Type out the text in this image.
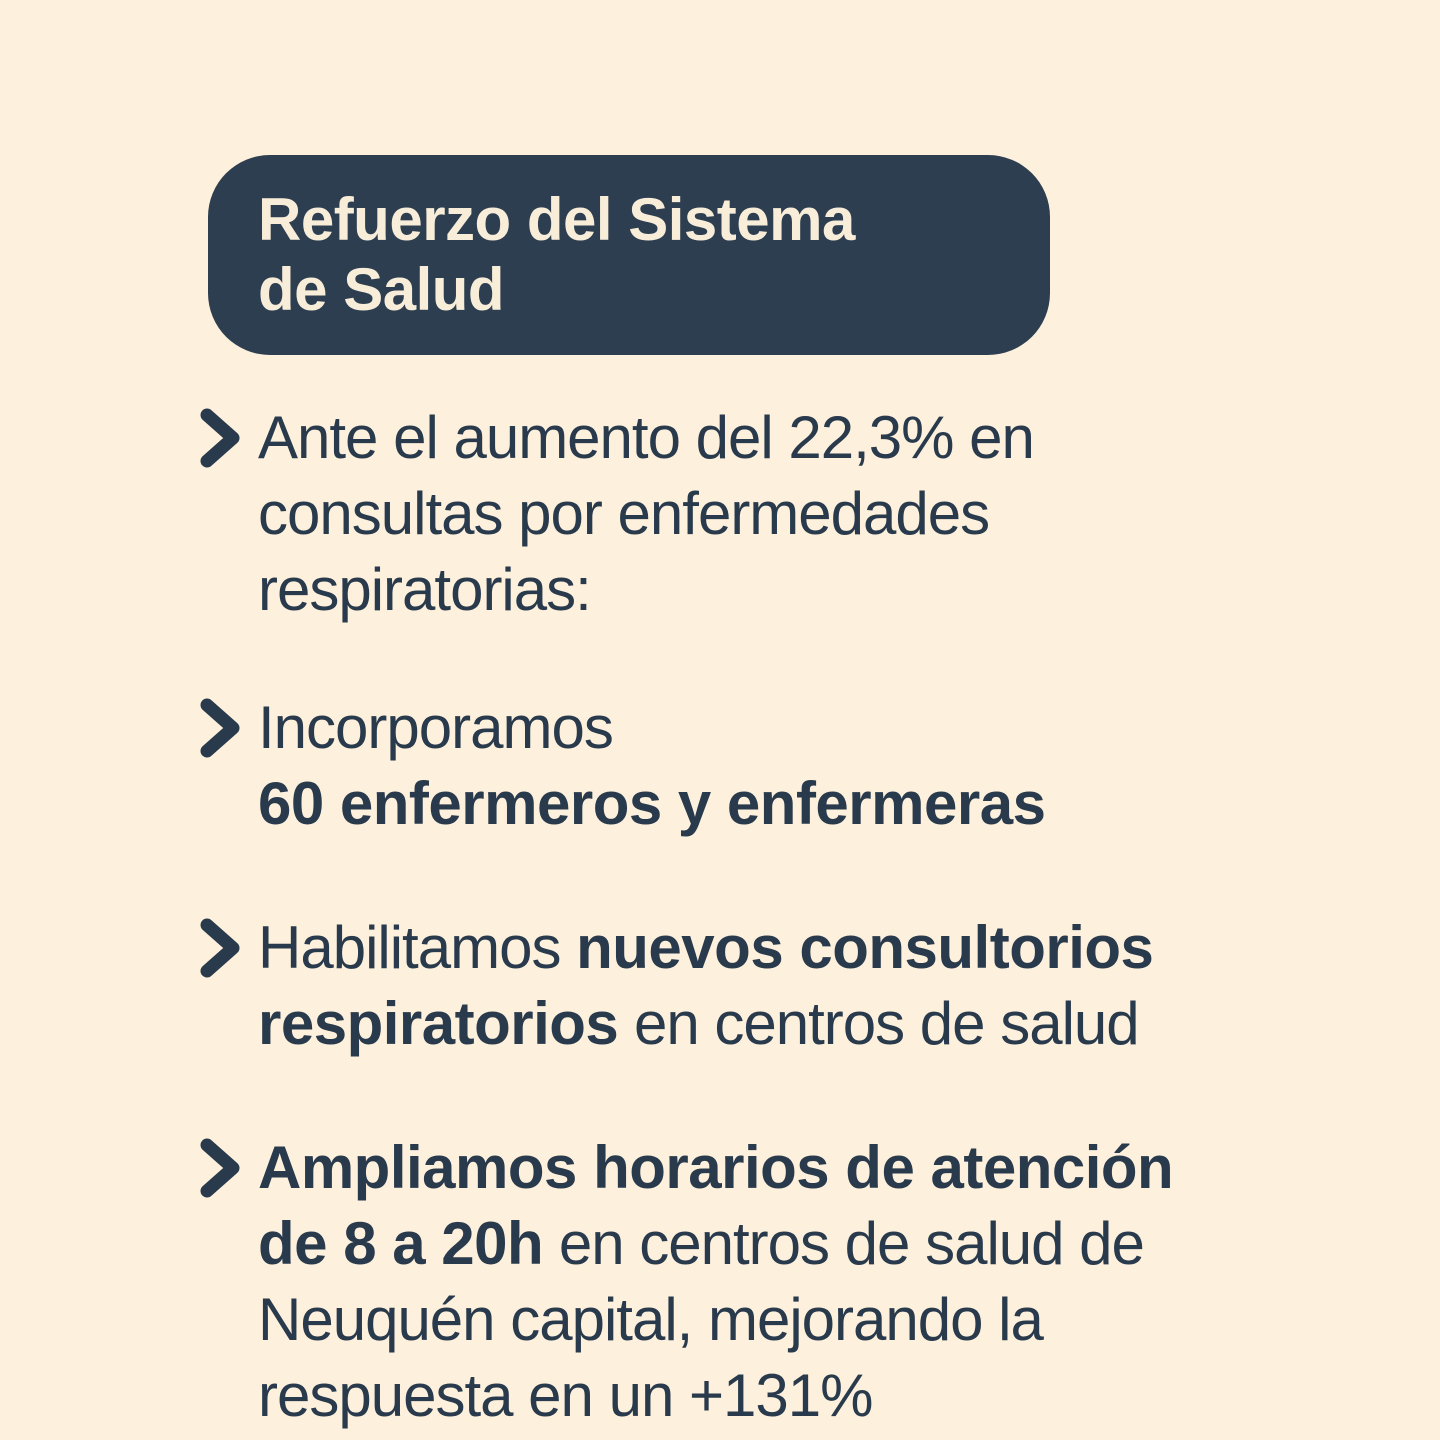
Refuerzo del Sistema
de Salud

Ante el aumento del 22,3% en
consultas por enfermedades
respiratorias:

Incorporamos
60 enfermeros y enfermeras

Habilitamos nuevos consultorios
respiratorios en centros de salud

Ampliamos horarios de atención
de 8 a 20h en centros de salud de
Neuquén capital, mejorando la
respuesta en un +131%
